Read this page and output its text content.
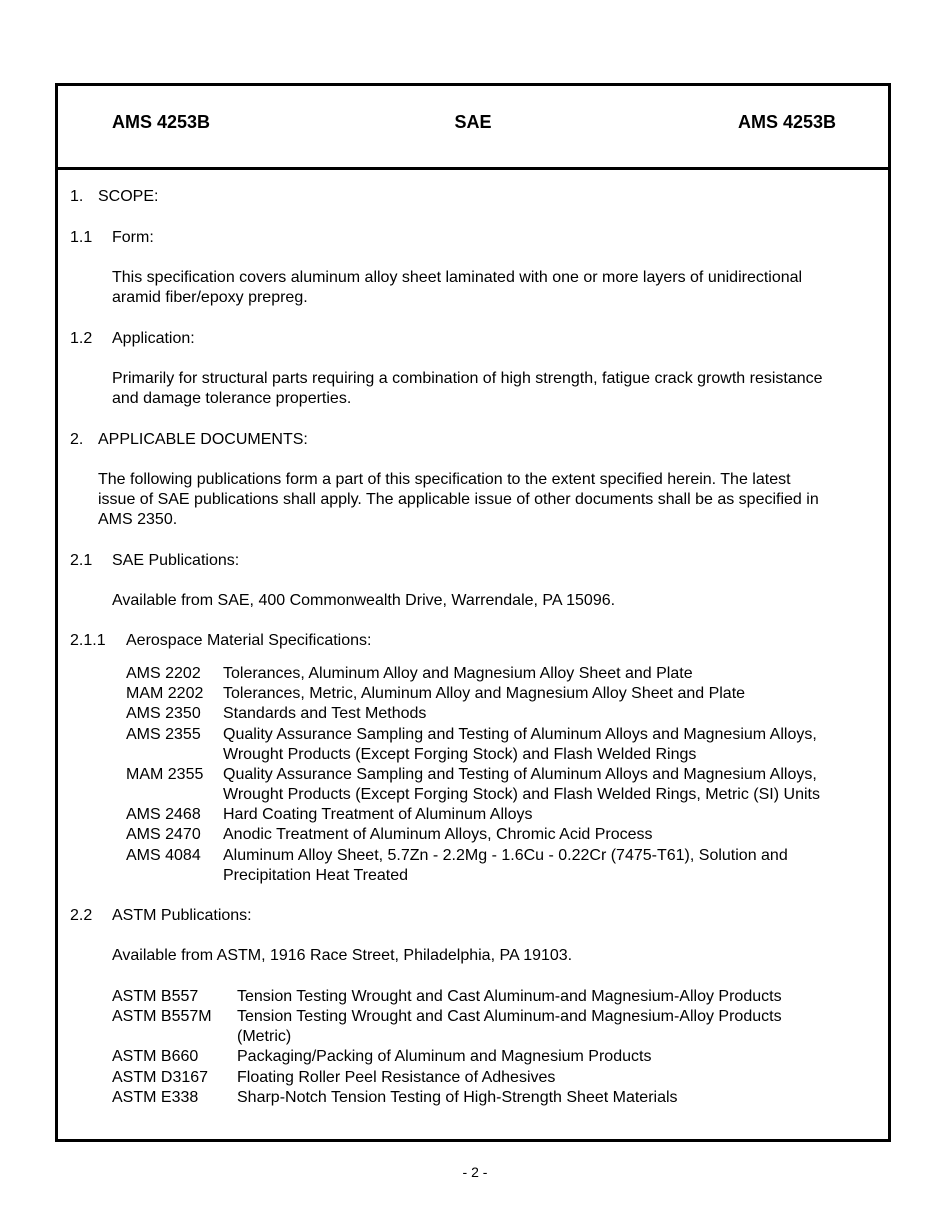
AMS 4253B	SAE	AMS 4253B
1. SCOPE:
1.1 Form:
This specification covers aluminum alloy sheet laminated with one or more layers of unidirectional
aramid fiber/epoxy prepreg.
1.2 Application:
Primarily for structural parts requiring a combination of high strength, fatigue crack growth resistance
and damage tolerance properties.
2. APPLICABLE DOCUMENTS:
The following publications form a part of this specification to the extent specified herein. The latest
issue of SAE publications shall apply. The applicable issue of other documents shall be as specified in
AMS 2350.
2.1 SAE Publications:
Available from SAE, 400 Commonwealth Drive, Warrendale, PA 15096.
2.1.1 Aerospace Material Specifications:
AMS 2202 Tolerances, Aluminum Alloy and Magnesium Alloy Sheet and Plate
MAM 2202 Tolerances, Metric, Aluminum Alloy and Magnesium Alloy Sheet and Plate
AMS 2350 Standards and Test Methods
AMS 2355 Quality Assurance Sampling and Testing of Aluminum Alloys and Magnesium Alloys,
Wrought Products (Except Forging Stock) and Flash Welded Rings
MAM 2355 Quality Assurance Sampling and Testing of Aluminum Alloys and Magnesium Alloys,
Wrought Products (Except Forging Stock) and Flash Welded Rings, Metric (SI) Units
AMS 2468 Hard Coating Treatment of Aluminum Alloys
AMS 2470 Anodic Treatment of Aluminum Alloys, Chromic Acid Process
AMS 4084 Aluminum Alloy Sheet, 5.7Zn - 2.2Mg - 1.6Cu - 0.22Cr (7475-T61), Solution and
Precipitation Heat Treated
2.2 ASTM Publications:
Available from ASTM, 1916 Race Street, Philadelphia, PA 19103.
ASTM B557 Tension Testing Wrought and Cast Aluminum-and Magnesium-Alloy Products
ASTM B557M Tension Testing Wrought and Cast Aluminum-and Magnesium-Alloy Products
(Metric)
ASTM B660 Packaging/Packing of Aluminum and Magnesium Products
ASTM D3167 Floating Roller Peel Resistance of Adhesives
ASTM E338 Sharp-Notch Tension Testing of High-Strength Sheet Materials
- 2 -
